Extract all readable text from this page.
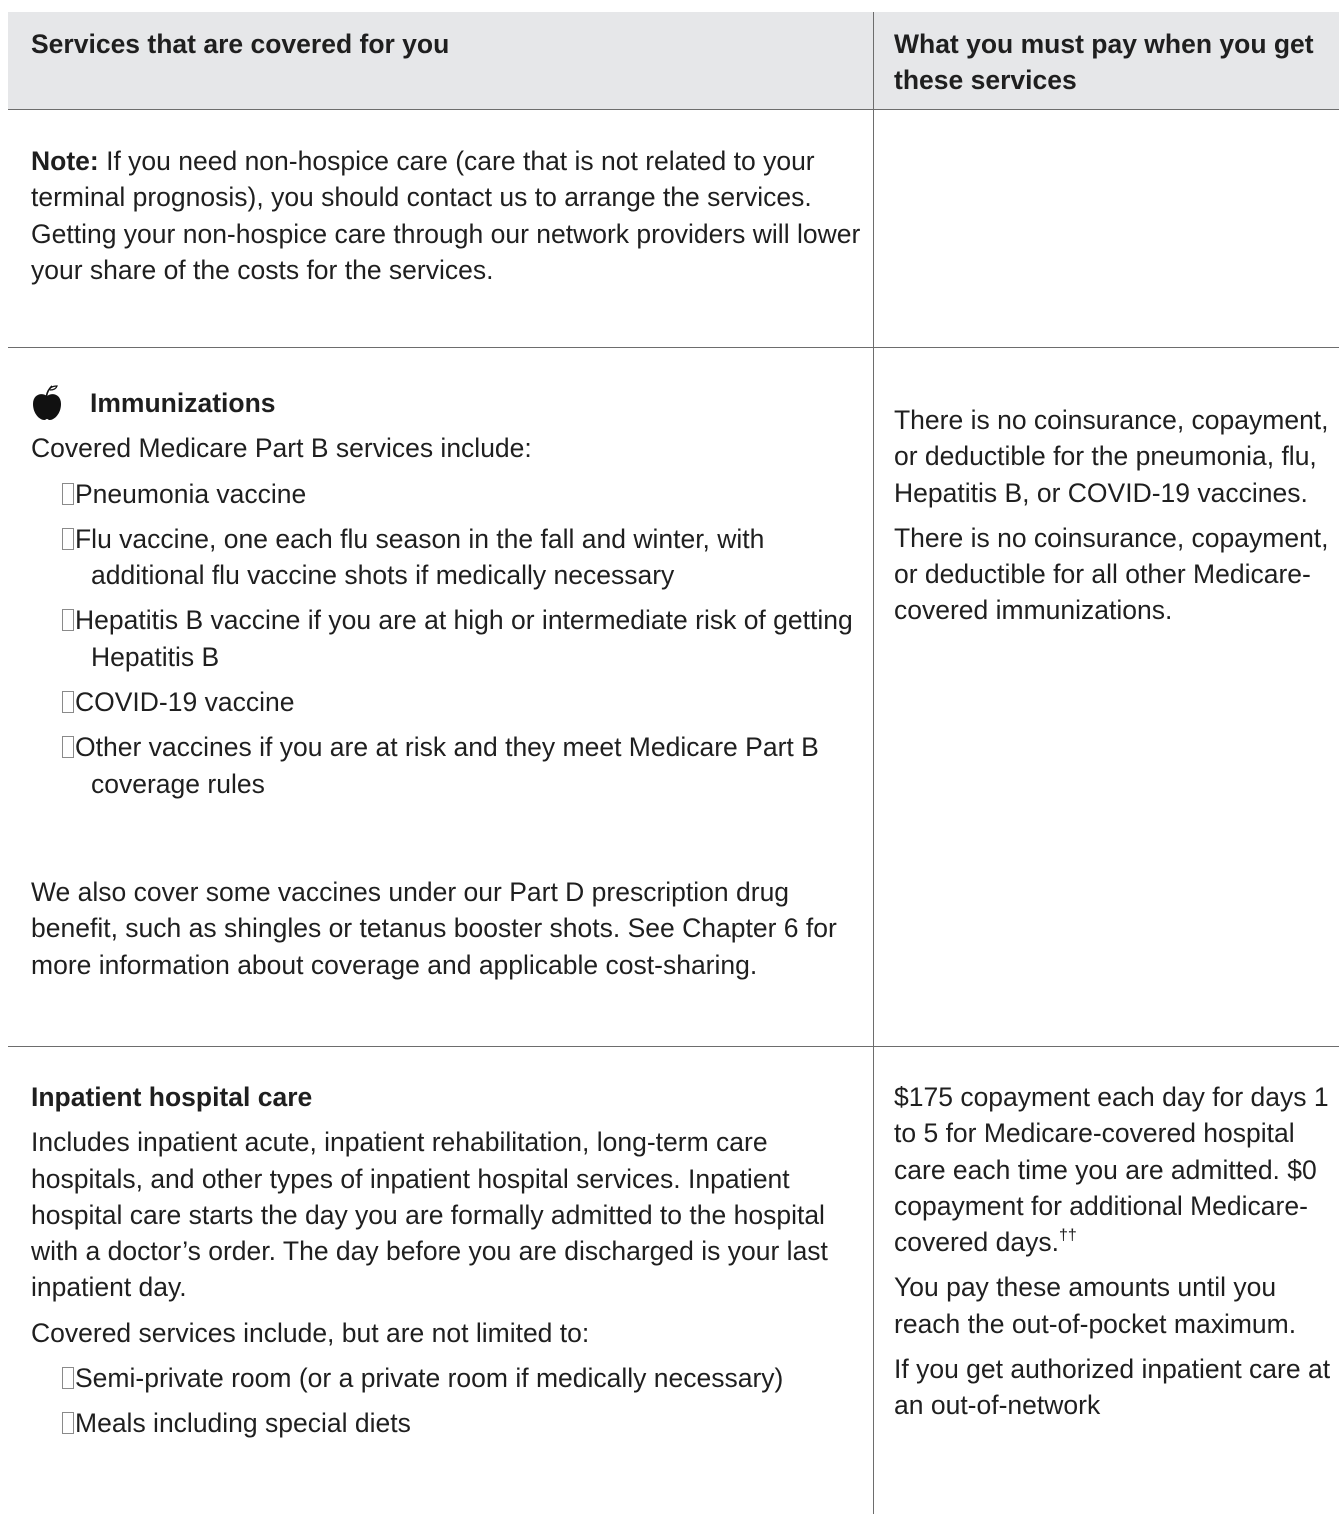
Services that are covered for you	What you must pay when you get these services

Note: If you need non-hospice care (care that is not related to your terminal prognosis), you should contact us to arrange the services. Getting your non-hospice care through our network providers will lower your share of the costs for the services.

Immunizations

Covered Medicare Part B services include:

Pneumonia vaccine

Flu vaccine, one each flu season in the fall and winter, with additional flu vaccine shots if medically necessary

Hepatitis B vaccine if you are at high or intermediate risk of getting Hepatitis B

COVID-19 vaccine

Other vaccines if you are at risk and they meet Medicare Part B coverage rules

We also cover some vaccines under our Part D prescription drug benefit, such as shingles or tetanus booster shots. See Chapter 6 for more information about coverage and applicable cost-sharing.

There is no coinsurance, copayment, or deductible for the pneumonia, flu, Hepatitis B, or COVID-19 vaccines.

There is no coinsurance, copayment, or deductible for all other Medicare-covered immunizations.

Inpatient hospital care

Includes inpatient acute, inpatient rehabilitation, long-term care hospitals, and other types of inpatient hospital services. Inpatient hospital care starts the day you are formally admitted to the hospital with a doctor’s order. The day before you are discharged is your last inpatient day.

Covered services include, but are not limited to:

Semi-private room (or a private room if medically necessary)

Meals including special diets

$175 copayment each day for days 1 to 5 for Medicare-covered hospital care each time you are admitted. $0 copayment for additional Medicare-covered days.††

You pay these amounts until you reach the out-of-pocket maximum.

If you get authorized inpatient care at an out-of-network
